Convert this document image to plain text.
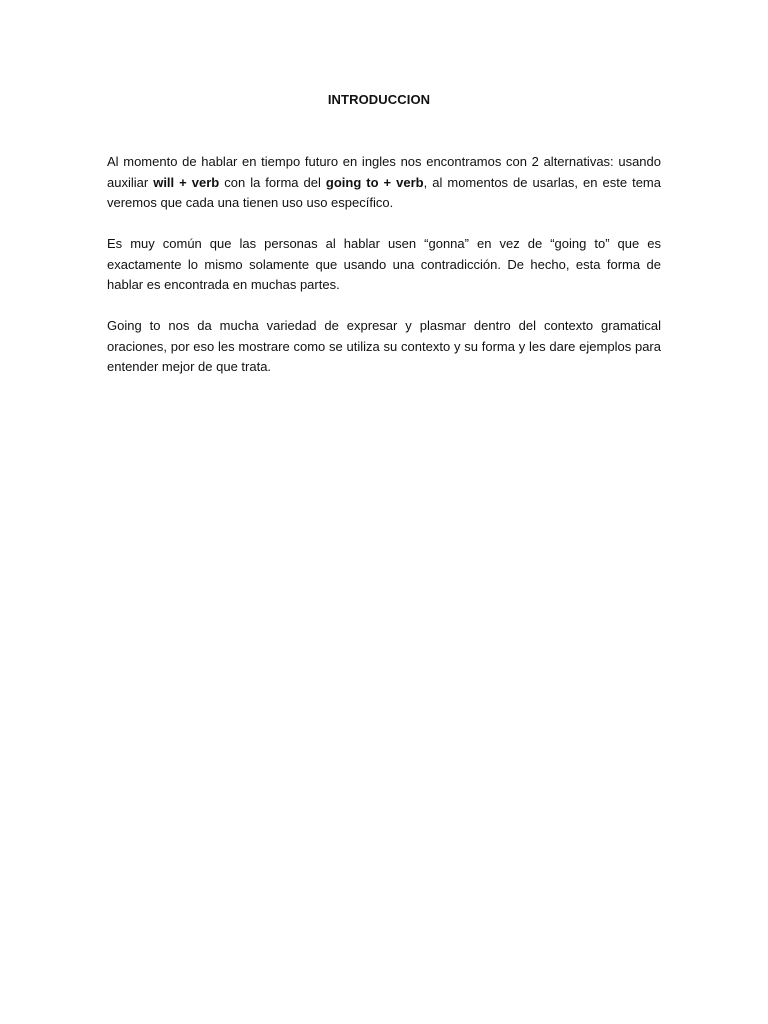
INTRODUCCION

Al momento de hablar en tiempo futuro en ingles nos encontramos con 2 alternativas: usando auxiliar will + verb con la forma del going to + verb, al momentos de usarlas, en este tema veremos que cada una tienen uso uso específico.

Es muy común que las personas al hablar usen “gonna” en vez de “going to” que es exactamente lo mismo solamente que usando una contradicción. De hecho, esta forma de hablar es encontrada en muchas partes.

Going to nos da mucha variedad de expresar y plasmar dentro del contexto gramatical oraciones, por eso les mostrare como se utiliza su contexto y su forma y les dare ejemplos para entender mejor de que trata.
